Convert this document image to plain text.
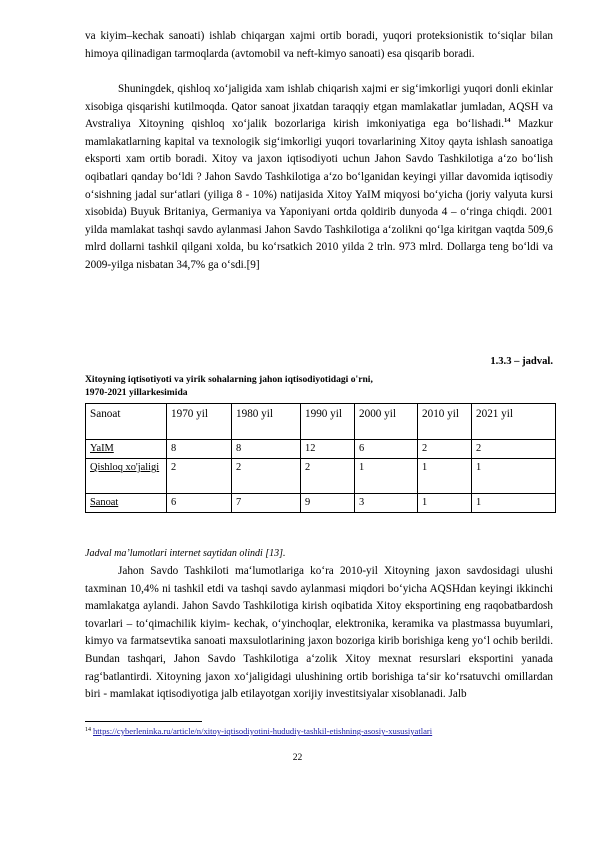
va kiyim–kechak sanoati) ishlab chiqargan xajmi ortib boradi, yuqori proteksionistik to‘siqlar bilan himoya qilinadigan tarmoqlarda (avtomobil va neft-kimyo sanoati) esa qisqarib boradi.

Shuningdek, qishloq xo‘jaligida xam ishlab chiqarish xajmi er sig‘imkorligi yuqori donli ekinlar xisobiga qisqarishi kutilmoqda. Qator sanoat jixatdan taraqqiy etgan mamlakatlar jumladan, AQSH va Avstraliya Xitoyning qishloq xo‘jalik bozorlariga kirish imkoniyatiga ega bo‘lishadi.$^{14}$ Mazkur mamlakatlarning kapital va texnologik sig‘imkorligi yuqori tovarlarining Xitoy qayta ishlash sanoatiga eksporti xam ortib boradi. Xitoy va jaxon iqtisodiyoti uchun Jahon Savdo Tashkilotiga a‘zo bo‘lish oqibatlari qanday bo‘ldi ? Jahon Savdo Tashkilotiga a‘zo bo‘lganidan keyingi yillar davomida iqtisodiy o‘sishning jadal sur‘atlari (yiliga 8 - 10%) natijasida Xitoy YaIM miqyosi bo‘yicha (joriy valyuta kursi xisobida) Buyuk Britaniya, Germaniya va Yaponiyani ortda qoldirib dunyoda 4 – o‘ringa chiqdi. 2001 yilda mamlakat tashqi savdo aylanmasi Jahon Savdo Tashkilotiga a‘zolikni qo‘lga kiritgan vaqtda 509,6 mlrd dollarni tashkil qilgani xolda, bu ko‘rsatkich 2010 yilda 2 trln. 973 mlrd. Dollarga teng bo‘ldi va 2009-yilga nisbatan 34,7% ga o‘sdi.[9]

1.3.3 – jadval.
Xitoyning iqtisotiyoti va yirik sohalarning jahon iqtisodiyotidagi o'rni,
1970-2021 yillarkesimida
Sanoat	1970 yil	1980 yil	1990 yil	2000 yil	2010 yil	2021 yil
YaIM	8	8	12	6	2	2
Qishloq xo'jaligi	2	2	2	1	1	1
Sanoat	6	7	9	3	1	1
Jadval ma’lumotlari internet saytidan olindi [13].

Jahon Savdo Tashkiloti ma‘lumotlariga ko‘ra 2010-yil Xitoyning jaxon savdosidagi ulushi taxminan 10,4% ni tashkil etdi va tashqi savdo aylanmasi miqdori bo‘yicha AQSHdan keyingi ikkinchi mamlakatga aylandi. Jahon Savdo Tashkilotiga kirish oqibatida Xitoy eksportining eng raqobatbardosh tovarlari – to‘qimachilik kiyim- kechak, o‘yinchoqlar, elektronika, keramika va plastmassa buyumlari, kimyo va farmatsevtika sanoati maxsulotlarining jaxon bozoriga kirib borishiga keng yo‘l ochib berildi. Bundan tashqari, Jahon Savdo Tashkilotiga a‘zolik Xitoy mexnat resurslari eksportini yanada rag‘batlantirdi. Xitoyning jaxon xo‘jaligidagi ulushining ortib borishiga ta‘sir ko‘rsatuvchi omillardan biri - mamlakat iqtisodiyotiga jalb etilayotgan xorijiy investitsiyalar xisoblanadi. Jalb

$^{14}$ https://cyberleninka.ru/article/n/xitoy-iqtisodiyotini-hududiy-tashkil-etishning-asosiy-xususiyatlari
22
